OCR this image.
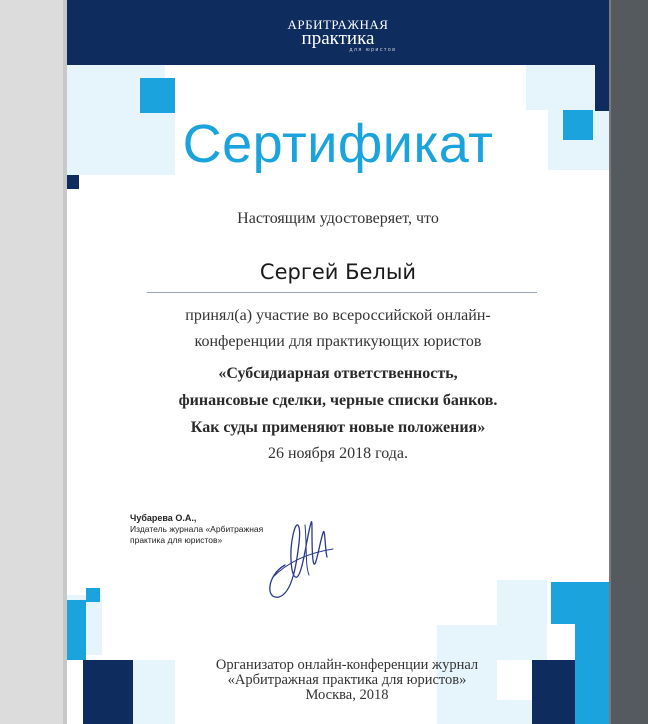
АРБИТРАЖНАЯ
практика
для юристов
Сертификат
Настоящим удостоверяет, что
Сергей Белый
принял(а) участие во всероссийской онлайн-
конференции для практикующих юристов
«Субсидиарная ответственность,
финансовые сделки, черные списки банков.
Как суды применяют новые положения»
26 ноября 2018 года.
Чубарева О.А.,
Издатель журнала «Арбитражная
практика для юристов»
Организатор онлайн-конференции журнал
«Арбитражная практика для юристов»
Москва, 2018
